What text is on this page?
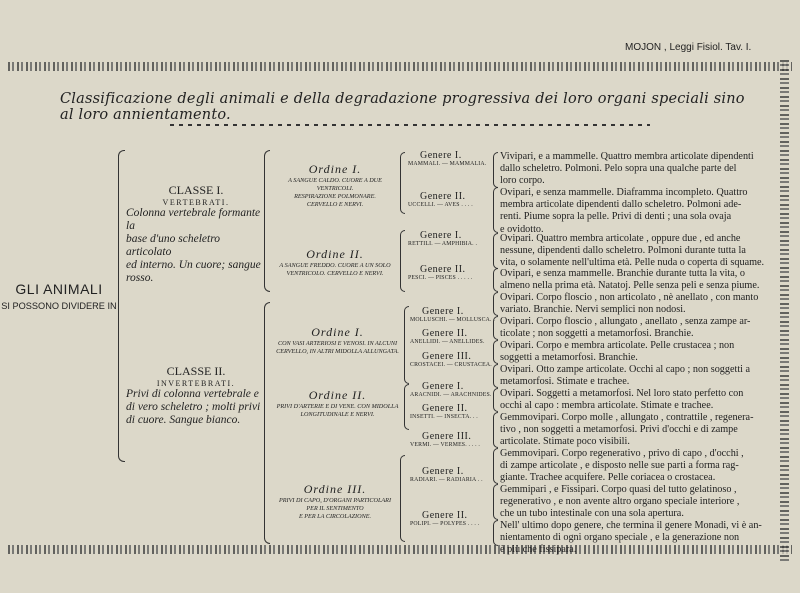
MOJON , Leggi Fisiol. Tav. I.
Classificazione degli animali e della degradazione progressiva dei loro organi speciali sino al loro annientamento.
GLI ANIMALI
SI POSSONO DIVIDERE IN
CLASSE I.
VERTEBRATI.
Colonna vertebrale formante la
base d'uno scheletro articolato
ed interno. Un cuore; sangue
rosso.
CLASSE II.
INVERTEBRATI.
Privi di colonna vertebrale e
di vero scheletro ; molti privi
di cuore. Sangue bianco.
Ordine I.
A SANGUE CALDO. CUORE A DUE VENTRICOLI.
RESPIRAZIONE POLMONARE.
CERVELLO E NERVI.
Ordine II.
A SANGUE FREDDO. CUORE A UN SOLO
VENTRICOLO. CERVELLO E NERVI.
Ordine I.
CON VASI ARTERIOSI E VENOSI. IN ALCUNI
CERVELLO, IN ALTRI MIDOLLA ALLUNGATA.
Ordine II.
PRIVI D'ARTERIE E DI VENE. CON MIDOLLA
LONGITUDINALE E NERVI.
Ordine III.
PRIVI DI CAPO, D'ORGANI PARTICOLARI
PER IL SENTIMENTO
E PER LA CIRCOLAZIONE.
Genere I.
MAMMALI. — MAMMALIA.
Genere II.
UCCELLI. — AVES . . . .
Genere I.
RETTILI. — AMPHIBIA. .
Genere II.
PESCI. — PISCES . . . . .
Genere I.
MOLLUSCHI. — MOLLUSCA. .
Genere II.
ANELLIDI. — ANELLIDES.
Genere III.
CROSTACEI. — CRUSTACEA.
Genere I.
ARACNIDI. — ARACHNIDES.
Genere II.
INSETTI. — INSECTA. . .
Genere III.
VERMI. — VERMES. . . . .
Genere I.
RADIARI. — RADIARIA . .
Genere II.
POLIPI. — POLYPES . . . .
Vivipari, e a mammelle. Quattro membra articolate dipendenti
dallo scheletro. Polmoni. Pelo sopra una qualche parte del
loro corpo.
Ovipari, e senza mammelle. Diaframma incompleto. Quattro
membra articolate dipendenti dallo scheletro. Polmoni ade-
renti. Piume sopra la pelle. Privi di denti ; una sola ovaja
e ovidotto.
Ovipari. Quattro membra articolate , oppure due , ed anche
nessune, dipendenti dallo scheletro. Polmoni durante tutta la
vita, o solamente nell'ultima età. Pelle nuda o coperta di squame.
Ovipari, e senza mammelle. Branchie durante tutta la vita, o
almeno nella prima età. Natatoj. Pelle senza peli e senza piume.
Ovipari. Corpo floscio , non articolato , nè anellato , con manto
variato. Branchie. Nervi semplici non nodosi.
Ovipari. Corpo floscio , allungato , anellato , senza zampe ar-
ticolate ; non soggetti a metamorfosi. Branchie.
Ovipari. Corpo e membra articolate. Pelle crustacea ; non
soggetti a metamorfosi. Branchie.
Ovipari. Otto zampe articolate. Occhi al capo ; non soggetti a
metamorfosi. Stimate e trachee.
Ovipari. Soggetti a metamorfosi. Nel loro stato perfetto con
occhi al capo : membra articolate. Stimate e trachee.
Gemmovipari. Corpo molle , allungato , contrattile , regenera-
tivo , non soggetti a metamorfosi. Privi d'occhi e di zampe
articolate. Stimate poco visibili.
Gemmovipari. Corpo regenerativo , privo di capo , d'occhi ,
di zampe articolate , e disposto nelle sue parti a forma rag-
giante. Trachee acquifere. Pelle coriacea o crostacea.
Gemmipari , e Fissipari. Corpo quasi del tutto gelatinoso ,
regenerativo , e non avente altro organo speciale interiore ,
che un tubo intestinale con una sola apertura.
Nell' ultimo dopo genere, che termina il genere Monadi, vi è an-
nientamento di ogni organo speciale , e la generazione non
è più che fissipara.
